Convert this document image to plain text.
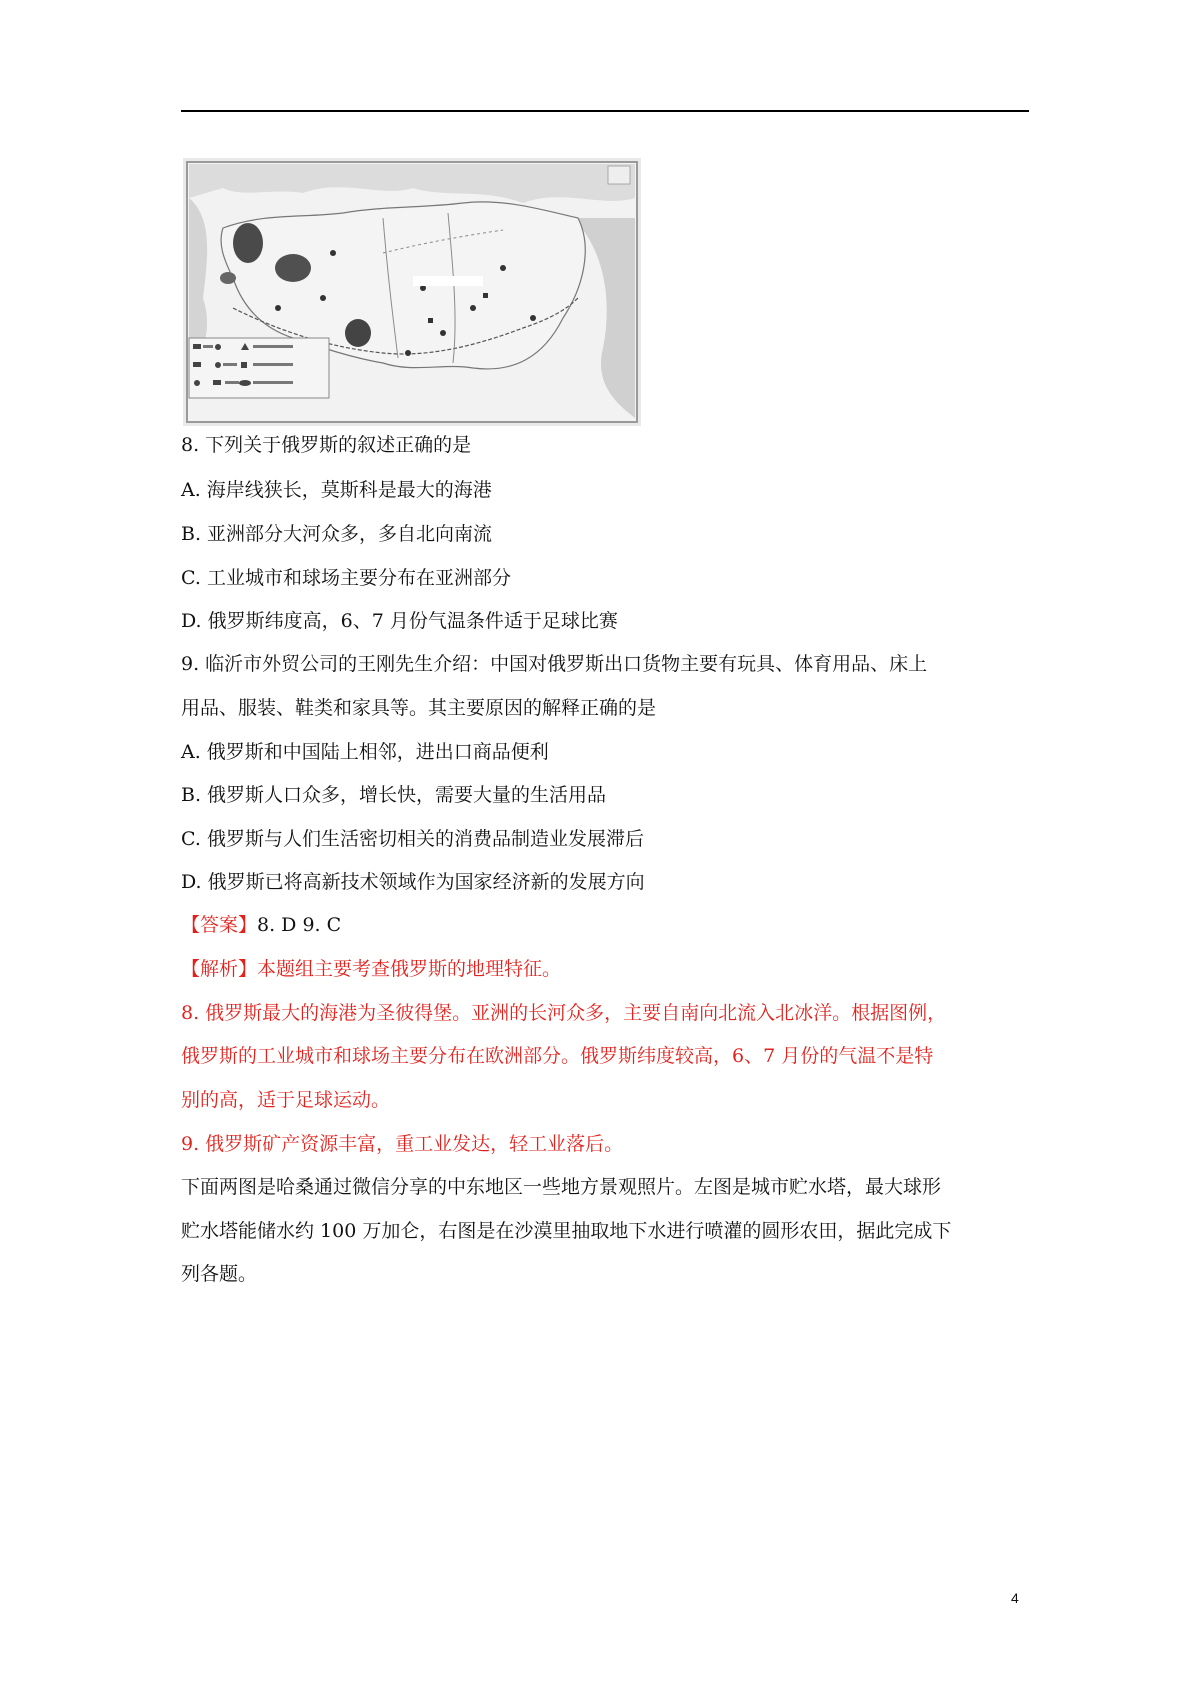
8. 下列关于俄罗斯的叙述正确的是
A. 海岸线狭长，莫斯科是最大的海港
B. 亚洲部分大河众多，多自北向南流
C. 工业城市和球场主要分布在亚洲部分
D. 俄罗斯纬度高，6、7 月份气温条件适于足球比赛
9. 临沂市外贸公司的王刚先生介绍：中国对俄罗斯出口货物主要有玩具、体育用品、床上
用品、服装、鞋类和家具等。其主要原因的解释正确的是
A. 俄罗斯和中国陆上相邻，进出口商品便利
B. 俄罗斯人口众多，增长快，需要大量的生活用品
C. 俄罗斯与人们生活密切相关的消费品制造业发展滞后
D. 俄罗斯已将高新技术领域作为国家经济新的发展方向
【答案】8. D 9. C
【解析】本题组主要考查俄罗斯的地理特征。
8. 俄罗斯最大的海港为圣彼得堡。亚洲的长河众多，主要自南向北流入北冰洋。根据图例，
俄罗斯的工业城市和球场主要分布在欧洲部分。俄罗斯纬度较高，6、7 月份的气温不是特
别的高，适于足球运动。
9. 俄罗斯矿产资源丰富，重工业发达，轻工业落后。
下面两图是哈桑通过微信分享的中东地区一些地方景观照片。左图是城市贮水塔，最大球形
贮水塔能储水约 100 万加仑，右图是在沙漠里抽取地下水进行喷灌的圆形农田，据此完成下
列各题。
4
